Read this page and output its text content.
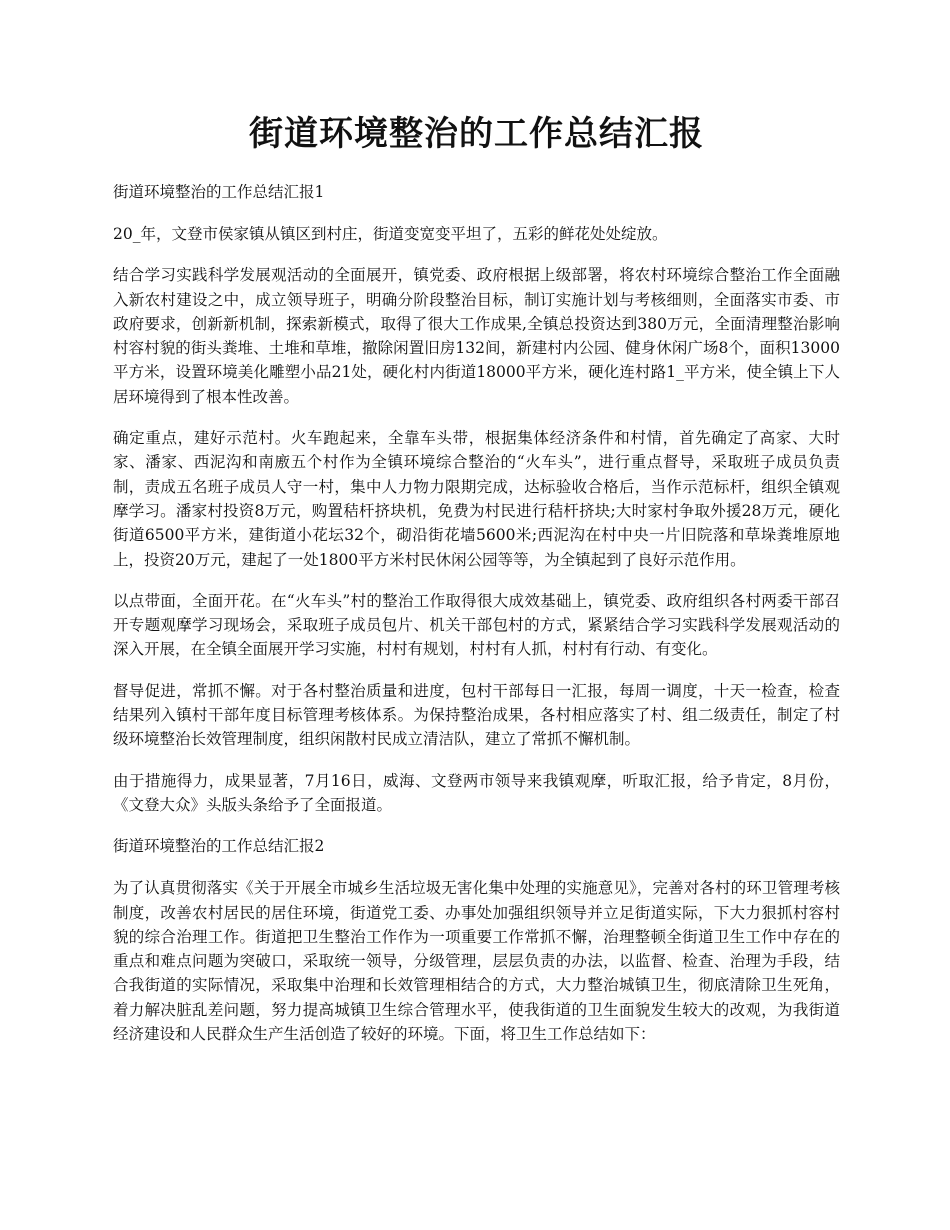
街道环境整治的工作总结汇报

街道环境整治的工作总结汇报1

20_年，文登市侯家镇从镇区到村庄，街道变宽变平坦了，五彩的鲜花处处绽放。

结合学习实践科学发展观活动的全面展开，镇党委、政府根据上级部署，将农村环境综合整治工作全面融入新农村建设之中，成立领导班子，明确分阶段整治目标，制订实施计划与考核细则，全面落实市委、市政府要求，创新新机制，探索新模式，取得了很大工作成果,全镇总投资达到380万元，全面清理整治影响村容村貌的街头粪堆、土堆和草堆，撤除闲置旧房132间，新建村内公园、健身休闲广场8个，面积13000平方米，设置环境美化雕塑小品21处，硬化村内街道18000平方米，硬化连村路1_平方米，使全镇上下人居环境得到了根本性改善。

确定重点，建好示范村。火车跑起来，全靠车头带，根据集体经济条件和村情，首先确定了高家、大时家、潘家、西泥沟和南廒五个村作为全镇环境综合整治的“火车头”，进行重点督导，采取班子成员负责制，责成五名班子成员人守一村，集中人力物力限期完成，达标验收合格后，当作示范标杆，组织全镇观摩学习。潘家村投资8万元，购置秸杆挤块机，免费为村民进行秸杆挤块;大时家村争取外援28万元，硬化街道6500平方米，建街道小花坛32个，砌沿街花墙5600米;西泥沟在村中央一片旧院落和草垛粪堆原地上，投资20万元，建起了一处1800平方米村民休闲公园等等，为全镇起到了良好示范作用。

以点带面，全面开花。在“火车头”村的整治工作取得很大成效基础上，镇党委、政府组织各村两委干部召开专题观摩学习现场会，采取班子成员包片、机关干部包村的方式，紧紧结合学习实践科学发展观活动的深入开展，在全镇全面展开学习实施，村村有规划，村村有人抓，村村有行动、有变化。

督导促进，常抓不懈。对于各村整治质量和进度，包村干部每日一汇报，每周一调度，十天一检查，检查结果列入镇村干部年度目标管理考核体系。为保持整治成果，各村相应落实了村、组二级责任，制定了村级环境整治长效管理制度，组织闲散村民成立清洁队，建立了常抓不懈机制。

由于措施得力，成果显著，7月16日，威海、文登两市领导来我镇观摩，听取汇报，给予肯定，8月份，《文登大众》头版头条给予了全面报道。

街道环境整治的工作总结汇报2

为了认真贯彻落实《关于开展全市城乡生活垃圾无害化集中处理的实施意见》，完善对各村的环卫管理考核制度，改善农村居民的居住环境，街道党工委、办事处加强组织领导并立足街道实际，下大力狠抓村容村貌的综合治理工作。街道把卫生整治工作作为一项重要工作常抓不懈，治理整顿全街道卫生工作中存在的重点和难点问题为突破口，采取统一领导，分级管理，层层负责的办法，以监督、检查、治理为手段，结合我街道的实际情况，采取集中治理和长效管理相结合的方式，大力整治城镇卫生，彻底清除卫生死角，着力解决脏乱差问题，努力提高城镇卫生综合管理水平，使我街道的卫生面貌发生较大的改观，为我街道经济建设和人民群众生产生活创造了较好的环境。下面，将卫生工作总结如下：
